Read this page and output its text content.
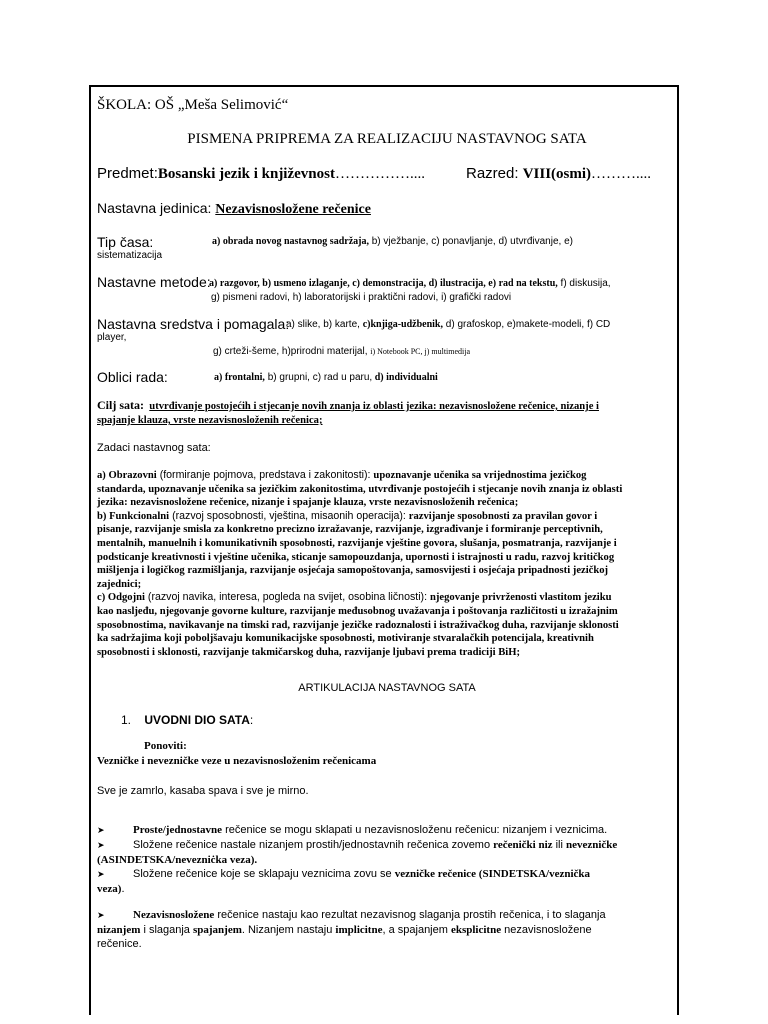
ŠKOLA: OŠ „Meša Selimović“
PISMENA PRIPREMA ZA REALIZACIJU NASTAVNOG SATA
Predmet:Bosanski jezik i književnost……………....	Razred: VIII(osmi)………....
Nastavna jedinica: Nezavisnosložene rečenice
Tip časa:	a) obrada novog nastavnog sadržaja, b) vježbanje, c) ponavljanje, d) utvrđivanje, e)
sistematizacija
Nastavne metode:
a) razgovor, b) usmeno izlaganje, c) demonstracija, d) ilustracija, e) rad na tekstu, f) diskusija,
g) pismeni radovi, h) laboratorijski i praktični radovi, i) grafički radovi
Nastavna sredstva i pomagala:
a) slike, b) karte, c)knjiga-udžbenik, d) grafoskop, e)makete-modeli, f) CD
player,
g) crteži-šeme, h)prirodni materijal, i) Notebook PC, j) multimedija
Oblici rada:	a) frontalni, b) grupni, c) rad u paru, d) individualni
Cilj sata: utvrđivanje postojećih i stjecanje novih znanja iz oblasti jezika: nezavisnosložene rečenice, nizanje i
spajanje klauza, vrste nezavisnosloženih rečenica;
Zadaci nastavnog sata:
a) Obrazovni (formiranje pojmova, predstava i zakonitosti): upoznavanje učenika sa vrijednostima jezičkog
standarda, upoznavanje učenika sa jezičkim zakonitostima, utvrđivanje postojećih i stjecanje novih znanja iz oblasti
jezika: nezavisnosložene rečenice, nizanje i spajanje klauza, vrste nezavisnosloženih rečenica;
b) Funkcionalni (razvoj sposobnosti, vještina, misaonih operacija): razvijanje sposobnosti za pravilan govor i
pisanje, razvijanje smisla za konkretno precizno izražavanje, razvijanje, izgrađivanje i formiranje perceptivnih,
mentalnih, manuelnih i komunikativnih sposobnosti, razvijanje vještine govora, slušanja, posmatranja, razvijanje i
podsticanje kreativnosti i vještine učenika, sticanje samopouzdanja, upornosti i istrajnosti u radu, razvoj kritičkog
mišljenja i logičkog razmišljanja, razvijanje osjećaja samopoštovanja, samosvijesti i osjećaja pripadnosti jezičkoj
zajednici;
c) Odgojni (razvoj navika, interesa, pogleda na svijet, osobina ličnosti): njegovanje privrženosti vlastitom jeziku
kao nasljeđu, njegovanje govorne kulture, razvijanje međusobnog uvažavanja i poštovanja različitosti u izražajnim
sposobnostima, navikavanje na timski rad, razvijanje jezičke radoznalosti i istraživačkog duha, razvijanje sklonosti
ka sadržajima koji poboljšavaju komunikacijske sposobnosti, motiviranje stvaralačkih potencijala, kreativnih
sposobnosti i sklonosti, razvijanje takmičarskog duha, razvijanje ljubavi prema tradiciji BiH;
ARTIKULACIJA NASTAVNOG SATA
1. UVODNI DIO SATA:
Ponoviti:
Vezničke i nevezničke veze u nezavisnosloženim rečenicama
Sve je zamrlo, kasaba spava i sve je mirno.
➤	Proste/jednostavne rečenice se mogu sklapati u nezavisnosloženu rečenicu: nizanjem i veznicima.
➤	Složene rečenice nastale nizanjem prostih/jednostavnih rečenica zovemo rečenički niz ili nevezničke
(ASINDETSKA/nevezniċka veza).
➤	Složene rečenice koje se sklapaju veznicima zovu se vezničke rečenice (SINDETSKA/veznička
veza).
➤	Nezavisnosložene rečenice nastaju kao rezultat nezavisnog slaganja prostih rečenica, i to slaganja
nizanjem i slaganja spajanjem. Nizanjem nastaju implicitne, a spajanjem eksplicitne nezavisnosložene
rečenice.
